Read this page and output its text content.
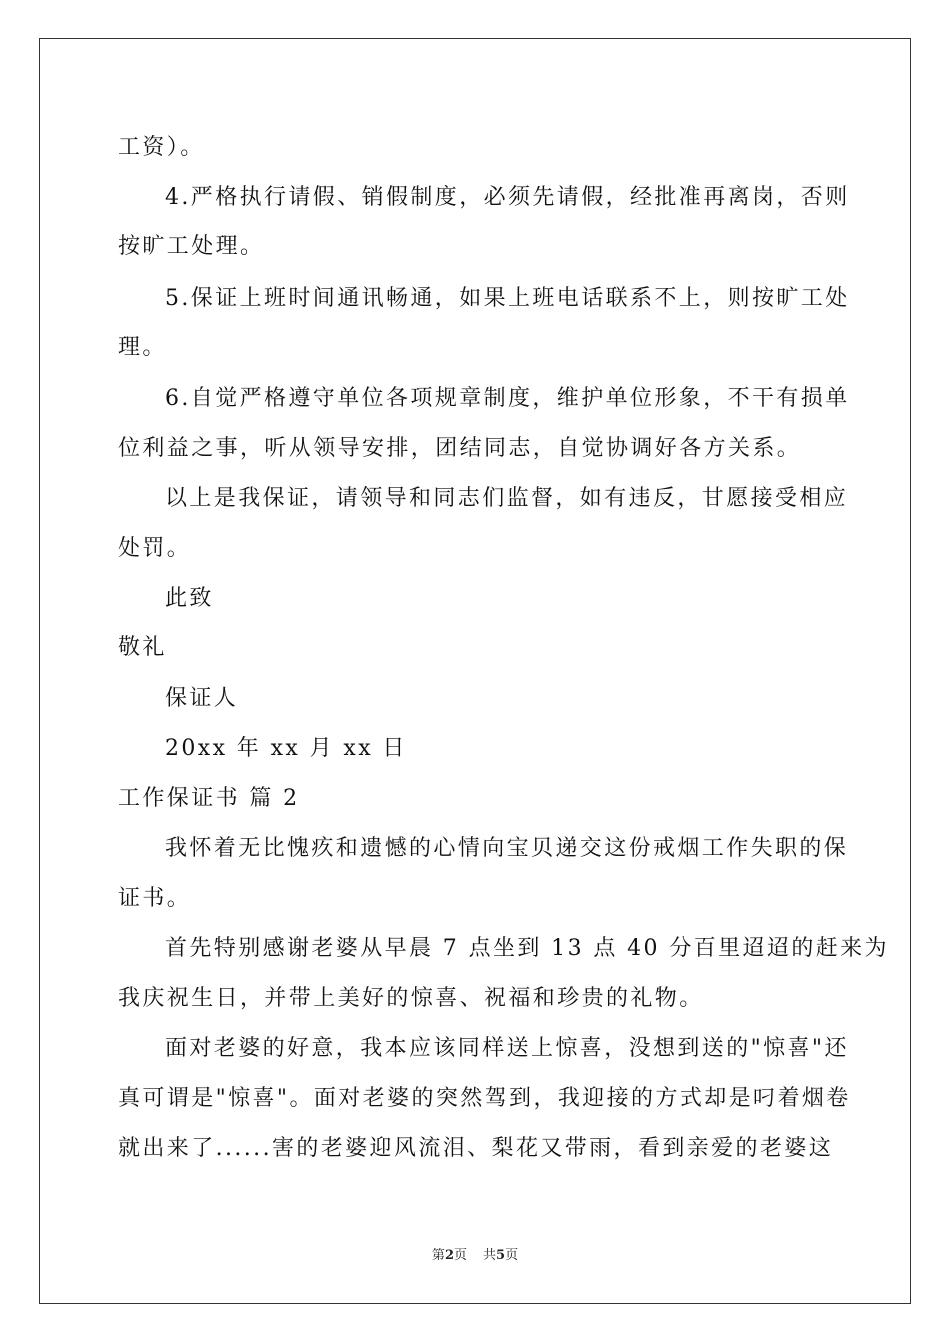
工资）。
4.严格执行请假、销假制度，必须先请假，经批准再离岗，否则
按旷工处理。
5.保证上班时间通讯畅通，如果上班电话联系不上，则按旷工处
理。
6.自觉严格遵守单位各项规章制度，维护单位形象，不干有损单
位利益之事，听从领导安排，团结同志，自觉协调好各方关系。
以上是我保证，请领导和同志们监督，如有违反，甘愿接受相应
处罚。
此致
敬礼
保证人
20xx 年 xx 月 xx 日
工作保证书 篇 2
我怀着无比愧疚和遗憾的心情向宝贝递交这份戒烟工作失职的保
证书。
首先特别感谢老婆从早晨 7 点坐到 13 点 40 分百里迢迢的赶来为
我庆祝生日，并带上美好的惊喜、祝福和珍贵的礼物。
面对老婆的好意，我本应该同样送上惊喜，没想到送的"惊喜"还
真可谓是"惊喜"。面对老婆的突然驾到，我迎接的方式却是叼着烟卷
就出来了......害的老婆迎风流泪、梨花又带雨，看到亲爱的老婆这
第2页 共5页
